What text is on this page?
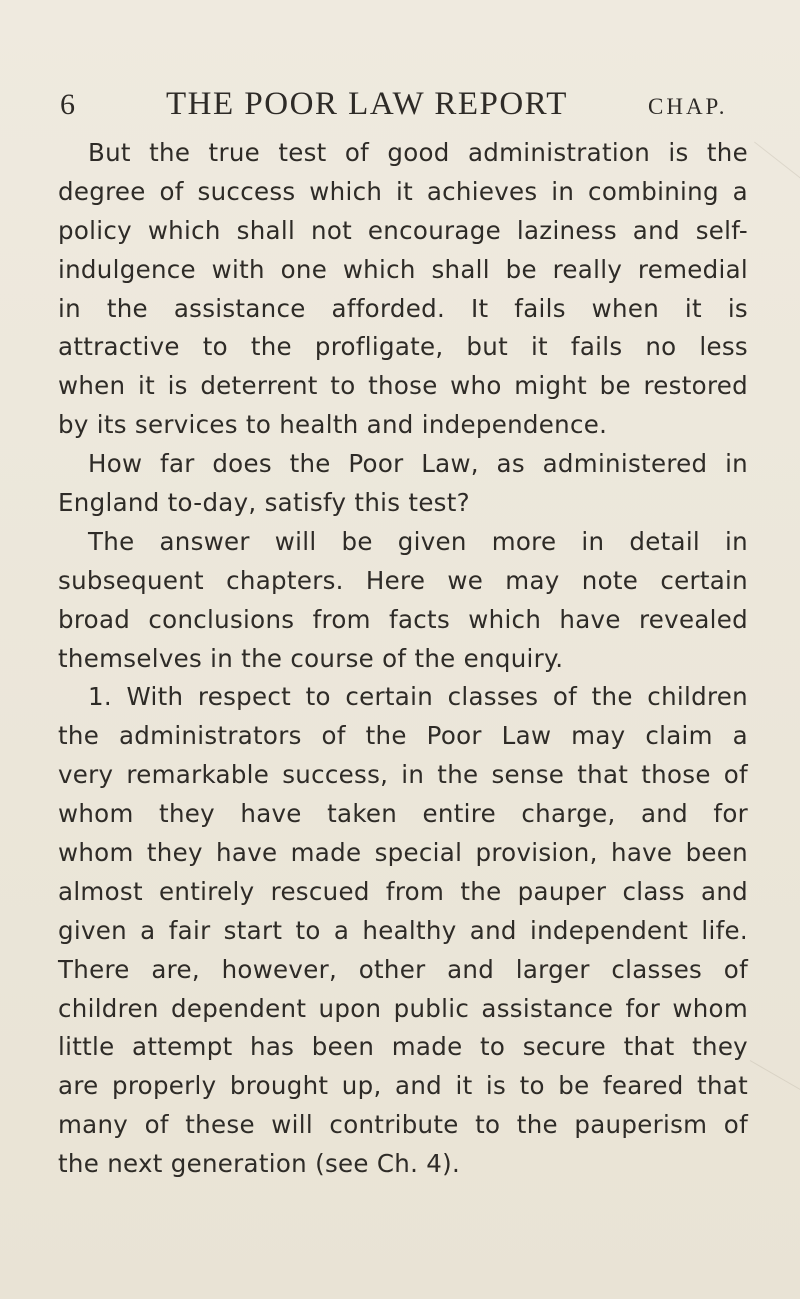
6	THE POOR LAW REPORT	CHAP.
But the true test of good administration is the
degree of success which it achieves in combining a
policy which shall not encourage laziness and self-
indulgence with one which shall be really remedial
in the assistance afforded. It fails when it is
attractive to the profligate, but it fails no less
when it is deterrent to those who might be restored
by its services to health and independence.
How far does the Poor Law, as administered in
England to-day, satisfy this test?
The answer will be given more in detail in
subsequent chapters. Here we may note certain
broad conclusions from facts which have revealed
themselves in the course of the enquiry.
1. With respect to certain classes of the children
the administrators of the Poor Law may claim a
very remarkable success, in the sense that those of
whom they have taken entire charge, and for
whom they have made special provision, have been
almost entirely rescued from the pauper class and
given a fair start to a healthy and independent life.
There are, however, other and larger classes of
children dependent upon public assistance for whom
little attempt has been made to secure that they
are properly brought up, and it is to be feared that
many of these will contribute to the pauperism of
the next generation (see Ch. 4).
